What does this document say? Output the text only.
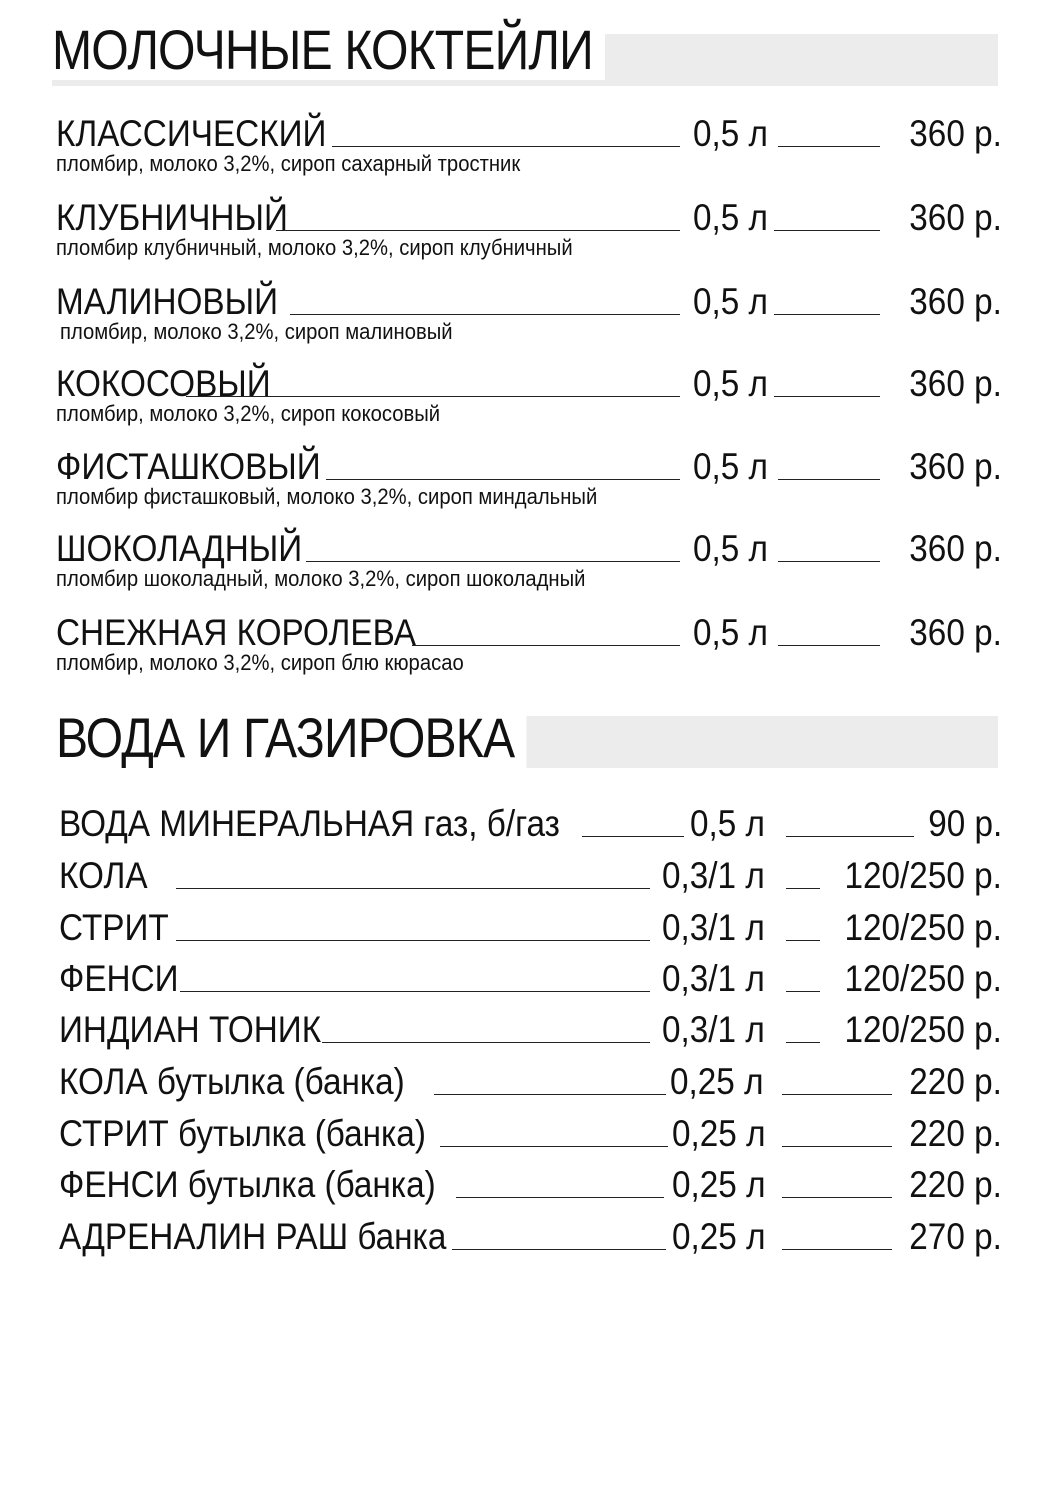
МОЛОЧНЫЕ КОКТЕЙЛИ
КЛАССИЧЕСКИЙ	0,5 л	360 р.
пломбир, молоко 3,2%, сироп сахарный тростник
КЛУБНИЧНЫЙ	0,5 л	360 р.
пломбир клубничный, молоко 3,2%, сироп клубничный
МАЛИНОВЫЙ	0,5 л	360 р.
пломбир, молоко 3,2%, сироп малиновый
КОКОСОВЫЙ	0,5 л	360 р.
пломбир, молоко 3,2%, сироп кокосовый
ФИСТАШКОВЫЙ	0,5 л	360 р.
пломбир фисташковый, молоко 3,2%, сироп миндальный
ШОКОЛАДНЫЙ	0,5 л	360 р.
пломбир шоколадный, молоко 3,2%, сироп шоколадный
СНЕЖНАЯ КОРОЛЕВА	0,5 л	360 р.
пломбир, молоко 3,2%, сироп блю кюрасао
ВОДА И ГАЗИРОВКА
ВОДА МИНЕРАЛЬНАЯ газ, б/газ	0,5 л	90 р.
КОЛА	0,3/1 л 120/250 р.
СТРИТ	0,3/1 л 120/250 р.
ФЕНСИ	0,3/1 л 120/250 р.
ИНДИАН ТОНИК	0,3/1 л 120/250 р.
КОЛА бутылка (банка)	0,25 л	220 р.
СТРИТ бутылка (банка)	0,25 л	220 р.
ФЕНСИ бутылка (банка)	0,25 л	220 р.
АДРЕНАЛИН РАШ банка	0,25 л	270 р.
